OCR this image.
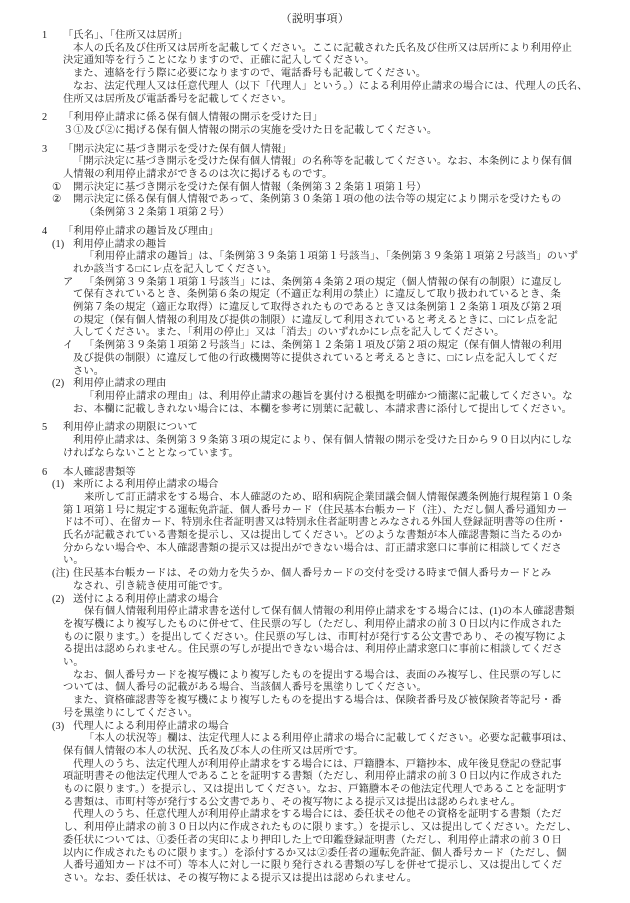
（説明事項）
1 「氏名」、「住所又は居所」
本人の氏名及び住所又は居所を記載してください。ここに記載された氏名及び住所又は居所により利用停止
決定通知等を行うことになりますので、正確に記入してください。
また、連絡を行う際に必要になりますので、電話番号も記載してください。
なお、法定代理人又は任意代理人（以下「代理人」という。）による利用停止請求の場合には、代理人の氏名、
住所又は居所及び電話番号を記載してください。
2 「利用停止請求に係る保有個人情報の開示を受けた日」
３①及び②に掲げる保有個人情報の開示の実施を受けた日を記載してください。
3 「開示決定に基づき開示を受けた保有個人情報」
「開示決定に基づき開示を受けた保有個人情報」の名称等を記載してください。なお、本条例により保有個
人情報の利用停止請求ができるのは次に掲げるものです。
① 開示決定に基づき開示を受けた保有個人情報（条例第３２条第１項第１号）
② 開示決定に係る保有個人情報であって、条例第３０条第１項の他の法令等の規定により開示を受けたもの
（条例第３２条第１項第２号）
4 「利用停止請求の趣旨及び理由」
(1) 利用停止請求の趣旨
「利用停止請求の趣旨」は、「条例第３９条第１項第１号該当」、「条例第３９条第１項第２号該当」のいず
れか該当する□にレ点を記入してください。
ア 「条例第３９条第１項第１号該当」には、条例第４条第２項の規定（個人情報の保有の制限）に違反し
て保有されているとき、条例第６条の規定（不適正な利用の禁止）に違反して取り扱われているとき、条
例第７条の規定（適正な取得）に違反して取得されたものであるとき又は条例第１２条第１項及び第２項
の規定（保有個人情報の利用及び提供の制限）に違反して利用されていると考えるときに、□にレ点を記
入してください。また、「利用の停止」又は「消去」のいずれかにレ点を記入してください。
イ 「条例第３９条第１項第２号該当」には、条例第１２条第１項及び第２項の規定（保有個人情報の利用
及び提供の制限）に違反して他の行政機関等に提供されていると考えるときに、□にレ点を記入してくだ
さい。
(2) 利用停止請求の理由
「利用停止請求の理由」は、利用停止請求の趣旨を裏付ける根拠を明確かつ簡潔に記載してください。な
お、本欄に記載しきれない場合には、本欄を参考に別葉に記載し、本請求書に添付して提出してください。
5 利用停止請求の期限について
利用停止請求は、条例第３９条第３項の規定により、保有個人情報の開示を受けた日から９０日以内にしな
ければならないこととなっています。
6 本人確認書類等
(1) 来所による利用停止請求の場合
来所して訂正請求をする場合、本人確認のため、昭和病院企業団議会個人情報保護条例施行規程第１０条
第１項第１号に規定する運転免許証、個人番号カード（住民基本台帳カード（注）、ただし個人番号通知カー
ドは不可）、在留カード、特別永住者証明書又は特別永住者証明書とみなされる外国人登録証明書等の住所・
氏名が記載されている書類を提示し、又は提出してください。どのような書類が本人確認書類に当たるのか
分からない場合や、本人確認書類の提示又は提出ができない場合は、訂正請求窓口に事前に相談してくださ
い。
(注) 住民基本台帳カードは、その効力を失うか、個人番号カードの交付を受ける時まで個人番号カードとみ
なされ、引き続き使用可能です。
(2) 送付による利用停止請求の場合
保有個人情報利用停止請求書を送付して保有個人情報の利用停止請求をする場合には、(1)の本人確認書類
を複写機により複写したものに併せて、住民票の写し（ただし、利用停止請求の前３０日以内に作成された
ものに限ります。）を提出してください。住民票の写しは、市町村が発行する公文書であり、その複写物によ
る提出は認められません。住民票の写しが提出できない場合は、利用停止請求窓口に事前に相談してくださ
い。
なお、個人番号カードを複写機により複写したものを提出する場合は、表面のみ複写し、住民票の写しに
ついては、個人番号の記載がある場合、当該個人番号を黒塗りしてください。
また、資格確認書等を複写機により複写したものを提出する場合は、保険者番号及び被保険者等記号・番
号を黒塗りにしてください。
(3) 代理人による利用停止請求の場合
「本人の状況等」欄は、法定代理人による利用停止請求の場合に記載してください。必要な記載事項は、
保有個人情報の本人の状況、氏名及び本人の住所又は居所です。
代理人のうち、法定代理人が利用停止請求をする場合には、戸籍謄本、戸籍抄本、成年後見登記の登記事
項証明書その他法定代理人であることを証明する書類（ただし、利用停止請求の前３０日以内に作成された
ものに限ります。）を提示し、又は提出してください。なお、戸籍謄本その他法定代理人であることを証明す
る書類は、市町村等が発行する公文書であり、その複写物による提示又は提出は認められません。
代理人のうち、任意代理人が利用停止請求をする場合には、委任状その他その資格を証明する書類（ただ
し、利用停止請求の前３０日以内に作成されたものに限ります。）を提示し、又は提出してください。ただし、
委任状については、①委任者の実印により押印した上で印鑑登録証明書（ただし、利用停止請求の前３０日
以内に作成されたものに限ります。）を添付するか又は②委任者の運転免許証、個人番号カード（ただし、個
人番号通知カードは不可）等本人に対し一に限り発行される書類の写しを併せて提示し、又は提出してくだ
さい。なお、委任状は、その複写物による提示又は提出は認められません。
